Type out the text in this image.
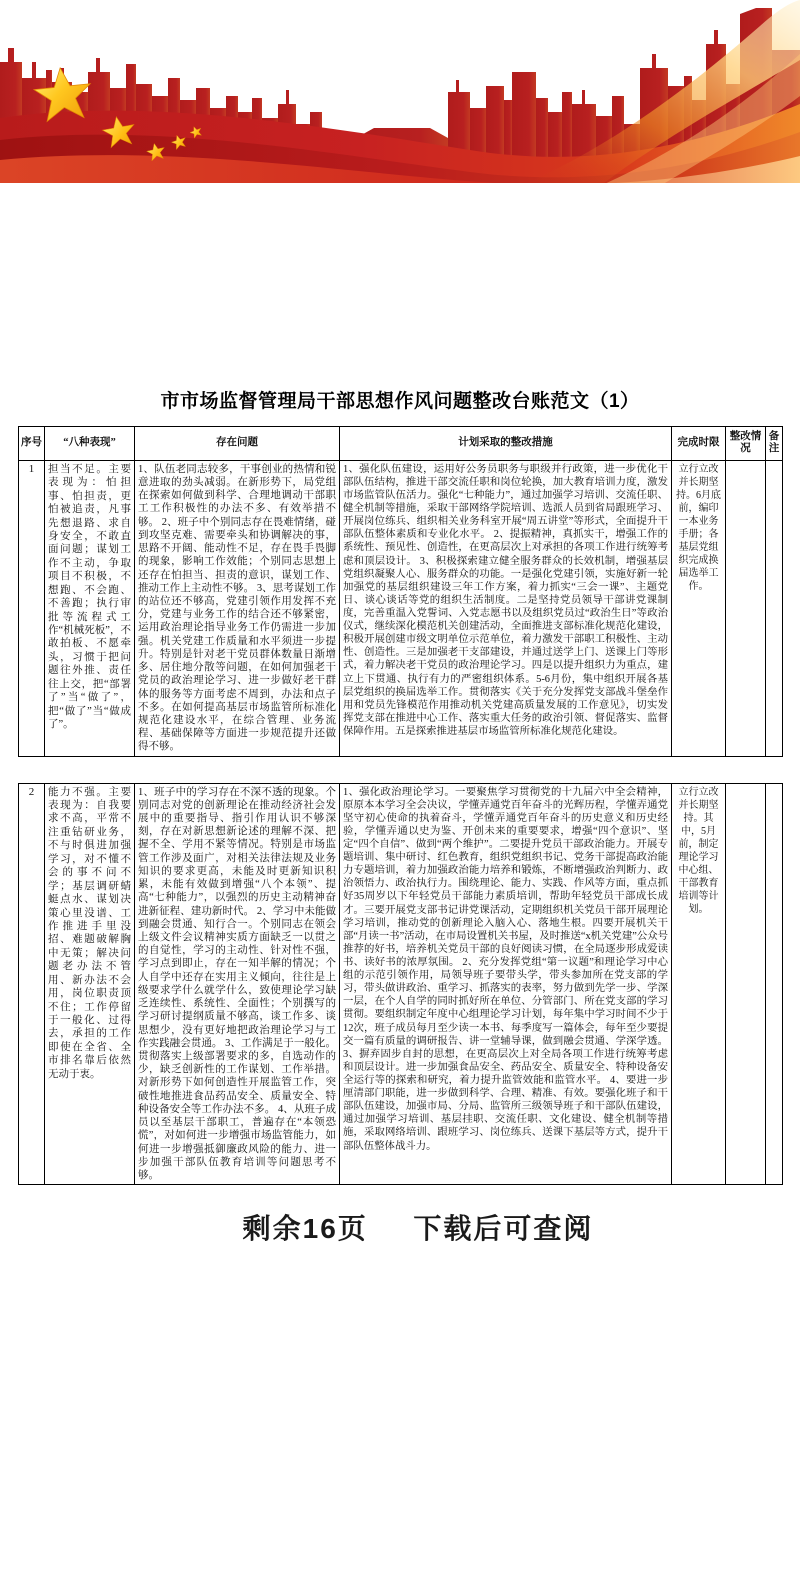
市市场监督管理局干部思想作风问题整改台账范文（1）
序号	“八种表现”	存在问题	计划采取的整改措施	完成时限	整改情况	备注
1	担当不足。主要表现为：怕担事、怕担责，更怕被追责，凡事先想退路、求自身安全，不敢直面问题；谋划工作不主动，争取项目不积极，不想跑、不会跑、不善跑；执行审批等流程式工作“机械死板”，不敢拍板、不愿牵头，习惯于把问题往外推、责任往上交，把“部署了”当“做了”，把“做了”当“做成了”。	1、队伍老同志较多，干事创业的热情和锐意进取的劲头减弱。在新形势下，局党组在探索如何做到科学、合理地调动干部职工工作积极性的办法不多、有效举措不够。 2、班子中个别同志存在畏难情绪，碰到攻坚克难、需要牵头和协调解决的事，思路不开阔、能动性不足，存在畏手畏脚的现象，影响工作效能；个别同志思想上还存在怕担当、担责的意识，谋划工作、推动工作上主动性不够。 3、思考谋划工作的站位还不够高，党建引领作用发挥不充分，党建与业务工作的结合还不够紧密，运用政治理论指导业务工作仍需进一步加强。机关党建工作质量和水平须进一步提升。特别是针对老干党员群体数量日渐增多、居住地分散等问题，在如何加强老干党员的政治理论学习、进一步做好老干群体的服务等方面考虑不周到，办法和点子不多。在如何提高基层市场监管所标准化规范化建设水平，在综合管理、业务流程、基础保障等方面进一步规范提升还做得不够。	1、强化队伍建设，运用好公务员职务与职级并行政策，进一步优化干部队伍结构，推进干部交流任职和岗位轮换，加大教育培训力度，激发市场监管队伍活力。强化“七种能力”，通过加强学习培训、交流任职、健全机制等措施，采取干部网络学院培训、选派人员到省局跟班学习、开展岗位练兵、组织相关业务科室开展“周五讲堂”等形式，全面提升干部队伍整体素质和专业化水平。 2、提振精神，真抓实干，增强工作的系统性、预见性、创造性，在更高层次上对承担的各项工作进行统筹考虑和顶层设计。 3、积极探索建立健全服务群众的长效机制，增强基层党组织凝聚人心、服务群众的功能。一是强化党建引领，实施好新一轮加强党的基层组织建设三年工作方案，着力抓实“三会一课”、主题党日、谈心谈话等党的组织生活制度。二是坚持党员领导干部讲党课制度，完善重温入党誓词、入党志愿书以及组织党员过“政治生日”等政治仪式，继续深化模范机关创建活动，全面推进支部标准化规范化建设，积极开展创建市级文明单位示范单位，着力激发干部职工积极性、主动性、创造性。三是加强老干支部建设，并通过送学上门、送课上门等形式，着力解决老干党员的政治理论学习。四是以提升组织力为重点，建立上下贯通、执行有力的严密组织体系。5-6月份，集中组织开展各基层党组织的换届选举工作。贯彻落实《关于充分发挥党支部战斗堡垒作用和党员先锋模范作用推动机关党建高质量发展的工作意见》，切实发挥党支部在推进中心工作、落实重大任务的政治引领、督促落实、监督保障作用。五是探索推进基层市场监管所标准化规范化建设。	立行立改并长期坚持。6月底前，编印一本业务手册；各基层党组织完成换届选举工作。		
2	能力不强。主要表现为：自我要求不高，平常不注重钻研业务，不与时俱进加强学习，对不懂不会的事不问不学；基层调研蜻蜓点水、谋划决策心里没谱、工作推进手里没招、难题破解胸中无策；解决问题老办法不管用、新办法不会用，岗位职责顶不住；工作停留于一般化、过得去，承担的工作即使在全省、全市排名靠后依然无动于衷。	1、班子中的学习存在不深不透的现象。个别同志对党的创新理论在推动经济社会发展中的重要指导、指引作用认识不够深刻，存在对新思想新论述的理解不深、把握不全、学用不紧等情况。特别是市场监管工作涉及面广，对相关法律法规及业务知识的要求更高，未能及时更新知识积累，未能有效做到增强“八个本领”、提高“七种能力”，以强烈的历史主动精神奋进新征程、建功新时代。 2、学习中未能做到融会贯通、知行合一。个别同志在领会上级文件会议精神实质方面缺乏一以贯之的自觉性，学习的主动性、针对性不强，学习点到即止，存在一知半解的情况；个人自学中还存在实用主义倾向，往往是上级要求学什么就学什么，致使理论学习缺乏连续性、系统性、全面性；个别撰写的学习研讨提纲质量不够高，谈工作多、谈思想少，没有更好地把政治理论学习与工作实践融会贯通。 3、工作满足于一般化。贯彻落实上级部署要求的多，自选动作的少，缺乏创新性的工作谋划、工作举措。对新形势下如何创造性开展监管工作，突破性地推进食品药品安全、质量安全、特种设备安全等工作办法不多。 4、从班子成员以至基层干部职工，普遍存在“本领恐慌”，对如何进一步增强市场监管能力，如何进一步增强抵御廉政风险的能力、进一步加强干部队伍教育培训等问题思考不够。	1、强化政治理论学习。一要聚焦学习贯彻党的十九届六中全会精神，原原本本学习全会决议，学懂弄通党百年奋斗的光辉历程，学懂弄通党坚守初心使命的执着奋斗，学懂弄通党百年奋斗的历史意义和历史经验，学懂弄通以史为鉴、开创未来的重要要求，增强“四个意识”、坚定“四个自信”、做到“两个维护”。二要提升党员干部政治能力。开展专题培训、集中研讨、红色教育，组织党组织书记、党务干部提高政治能力专题培训，着力加强政治能力培养和锻炼，不断增强政治判断力、政治领悟力、政治执行力。围绕理论、能力、实践、作风等方面，重点抓好35周岁以下年轻党员干部能力素质培训，帮助年轻党员干部成长成才。三要开展党支部书记讲党课活动，定期组织机关党员干部开展理论学习培训，推动党的创新理论入脑入心、落地生根。四要开展机关干部“月读一书”活动，在市局设置机关书屋，及时推送“x机关党建”公众号推荐的好书，培养机关党员干部的良好阅读习惯，在全局逐步形成爱读书、读好书的浓厚氛围。 2、充分发挥党组“第一议题”和理论学习中心组的示范引领作用，局领导班子要带头学，带头参加所在党支部的学习，带头做讲政治、重学习、抓落实的表率，努力做到先学一步、学深一层，在个人自学的同时抓好所在单位、分管部门、所在党支部的学习贯彻。要组织制定年度中心组理论学习计划，每年集中学习时间不少于12次，班子成员每月至少读一本书、每季度写一篇体会，每年至少要提交一篇有质量的调研报告、讲一堂辅导课，做到融会贯通、学深学透。 3、摒弃固步自封的思想，在更高层次上对全局各项工作进行统筹考虑和顶层设计。进一步加强食品安全、药品安全、质量安全、特种设备安全运行等的探索和研究，着力提升监管效能和监管水平。 4、要进一步厘清部门职能，进一步做到科学、合理、精准、有效。要强化班子和干部队伍建设，加强市局、分局、监管所三级领导班子和干部队伍建设，通过加强学习培训、基层挂职、交流任职、文化建设、健全机制等措施，采取网络培训、跟班学习、岗位练兵、送课下基层等方式，提升干部队伍整体战斗力。	立行立改并长期坚持。其中，5月前，制定理论学习中心组、干部教育培训等计划。		
剩余16页 下载后可查阅
